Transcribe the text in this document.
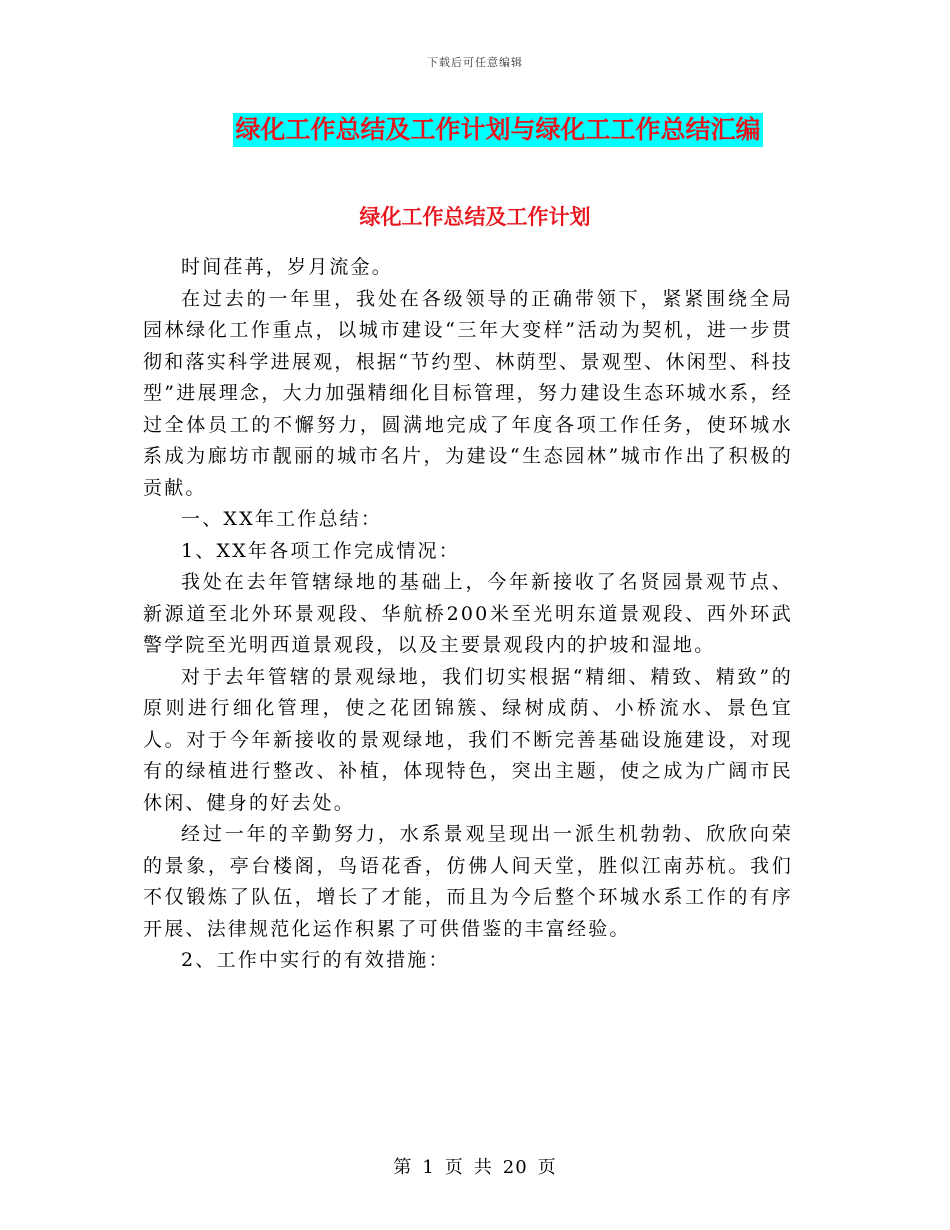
下载后可任意编辑
绿化工作总结及工作计划与绿化工工作总结汇编
绿化工作总结及工作计划

时间荏苒，岁月流金。

在过去的一年里，我处在各级领导的正确带领下，紧紧围绕全局园林绿化工作重点，以城市建设“三年大变样”活动为契机，进一步贯彻和落实科学进展观，根据“节约型、林荫型、景观型、休闲型、科技型”进展理念，大力加强精细化目标管理，努力建设生态环城水系，经过全体员工的不懈努力，圆满地完成了年度各项工作任务，使环城水系成为廊坊市靓丽的城市名片，为建设“生态园林”城市作出了积极的贡献。

一、XX年工作总结：

1、XX年各项工作完成情况：

我处在去年管辖绿地的基础上，今年新接收了名贤园景观节点、新源道至北外环景观段、华航桥200米至光明东道景观段、西外环武警学院至光明西道景观段，以及主要景观段内的护坡和湿地。

对于去年管辖的景观绿地，我们切实根据“精细、精致、精致”的原则进行细化管理，使之花团锦簇、绿树成荫、小桥流水、景色宜人。对于今年新接收的景观绿地，我们不断完善基础设施建设，对现有的绿植进行整改、补植，体现特色，突出主题，使之成为广阔市民休闲、健身的好去处。

经过一年的辛勤努力，水系景观呈现出一派生机勃勃、欣欣向荣的景象，亭台楼阁，鸟语花香，仿佛人间天堂，胜似江南苏杭。我们不仅锻炼了队伍，增长了才能，而且为今后整个环城水系工作的有序开展、法律规范化运作积累了可供借鉴的丰富经验。

2、工作中实行的有效措施：

第 1 页 共 20 页
